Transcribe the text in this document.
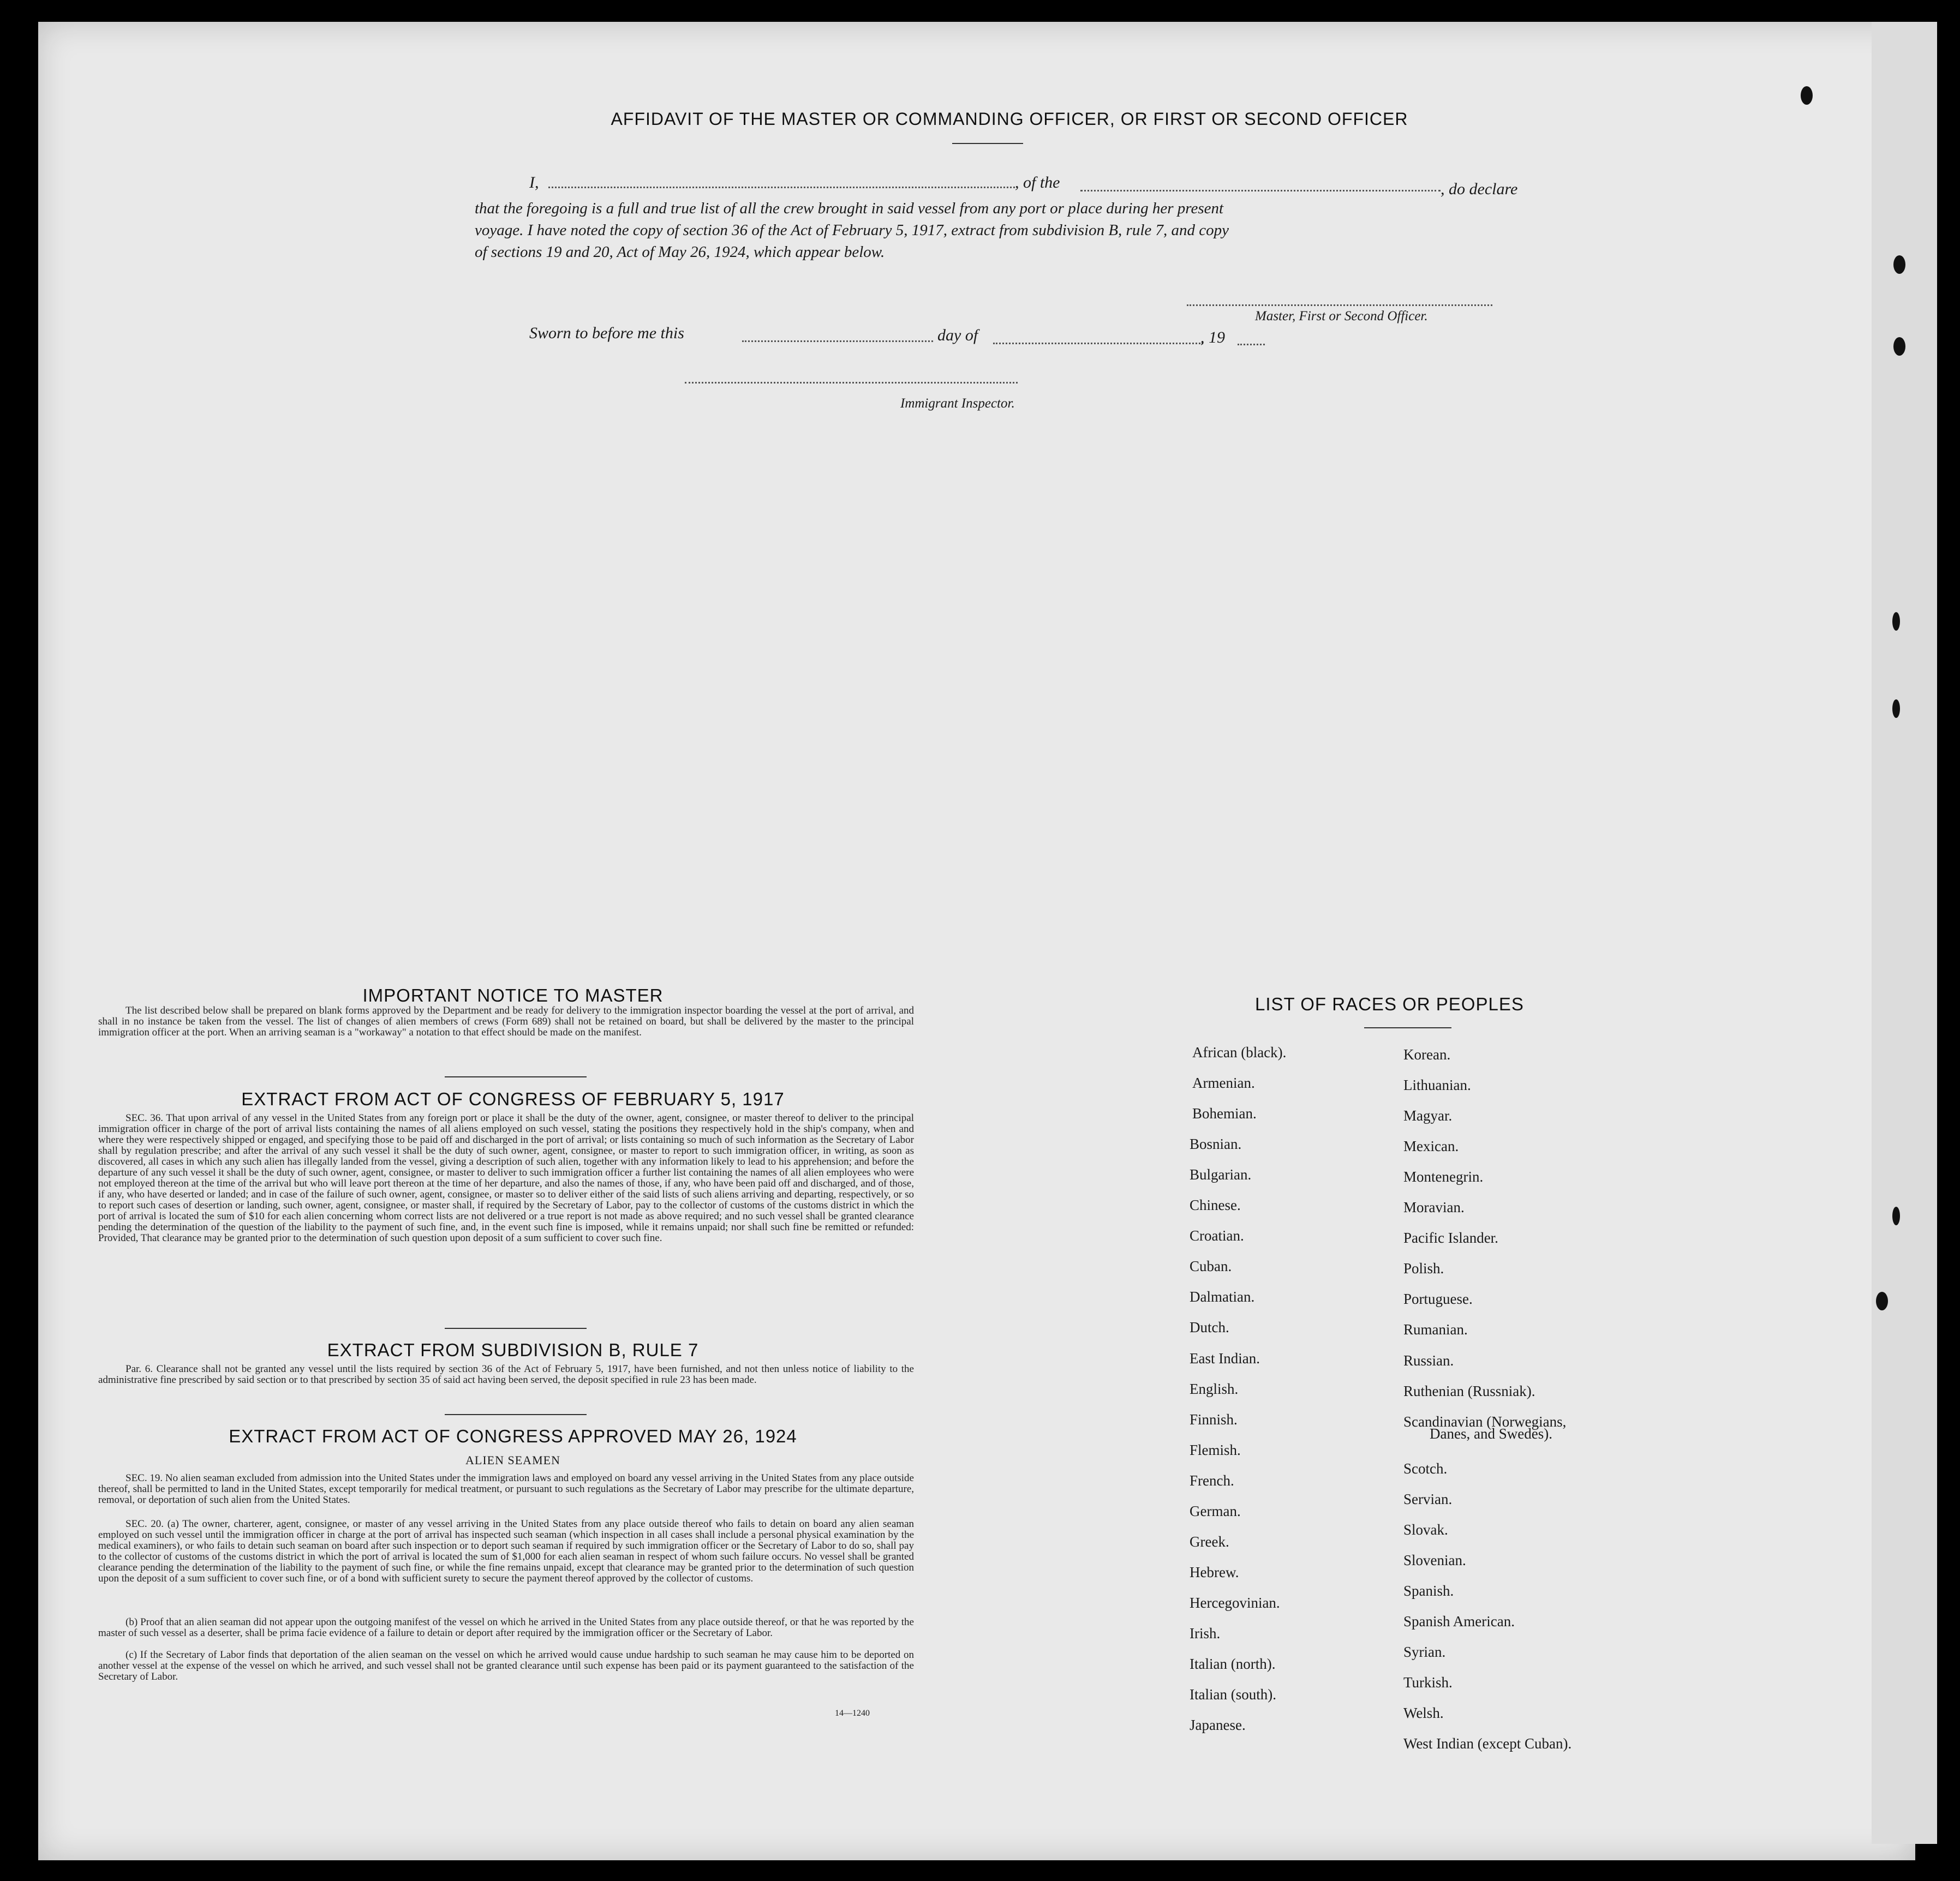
AFFIDAVIT OF THE MASTER OR COMMANDING OFFICER, OR FIRST OR SECOND OFFICER
I,	, of the	, do declare
that the foregoing is a full and true list of all the crew brought in said vessel from any port or place during her present
voyage. I have noted the copy of section 36 of the Act of February 5, 1917, extract from subdivision B, rule 7, and copy
of sections 19 and 20, Act of May 26, 1924, which appear below.
Master, First or Second Officer.
Sworn to before me this	day of	, 19
Immigrant Inspector.
IMPORTANT NOTICE TO MASTER
The list described below shall be prepared on blank forms approved by the Department and be ready for delivery to the immigration inspector boarding the vessel at the port of arrival, and shall in no instance be taken from the vessel. The list of changes of alien members of crews (Form 689) shall not be retained on board, but shall be delivered by the master to the principal immigration officer at the port. When an arriving seaman is a "workaway" a notation to that effect should be made on the manifest.
EXTRACT FROM ACT OF CONGRESS OF FEBRUARY 5, 1917
SEC. 36. That upon arrival of any vessel in the United States from any foreign port or place it shall be the duty of the owner, agent, consignee, or master thereof to deliver to the principal immigration officer in charge of the port of arrival lists containing the names of all aliens employed on such vessel, stating the positions they respectively hold in the ship's company, when and where they were respectively shipped or engaged, and specifying those to be paid off and discharged in the port of arrival; or lists containing so much of such information as the Secretary of Labor shall by regulation prescribe; and after the arrival of any such vessel it shall be the duty of such owner, agent, consignee, or master to report to such immigration officer, in writing, as soon as discovered, all cases in which any such alien has illegally landed from the vessel, giving a description of such alien, together with any information likely to lead to his apprehension; and before the departure of any such vessel it shall be the duty of such owner, agent, consignee, or master to deliver to such immigration officer a further list containing the names of all alien employees who were not employed thereon at the time of the arrival but who will leave port thereon at the time of her departure, and also the names of those, if any, who have been paid off and discharged, and of those, if any, who have deserted or landed; and in case of the failure of such owner, agent, consignee, or master so to deliver either of the said lists of such aliens arriving and departing, respectively, or so to report such cases of desertion or landing, such owner, agent, consignee, or master shall, if required by the Secretary of Labor, pay to the collector of customs of the customs district in which the port of arrival is located the sum of $10 for each alien concerning whom correct lists are not delivered or a true report is not made as above required; and no such vessel shall be granted clearance pending the determination of the question of the liability to the payment of such fine, and, in the event such fine is imposed, while it remains unpaid; nor shall such fine be remitted or refunded: Provided, That clearance may be granted prior to the determination of such question upon deposit of a sum sufficient to cover such fine.
EXTRACT FROM SUBDIVISION B, RULE 7
Par. 6. Clearance shall not be granted any vessel until the lists required by section 36 of the Act of February 5, 1917, have been furnished, and not then unless notice of liability to the administrative fine prescribed by said section or to that prescribed by section 35 of said act having been served, the deposit specified in rule 23 has been made.
EXTRACT FROM ACT OF CONGRESS APPROVED MAY 26, 1924
ALIEN SEAMEN
SEC. 19. No alien seaman excluded from admission into the United States under the immigration laws and employed on board any vessel arriving in the United States from any place outside thereof, shall be permitted to land in the United States, except temporarily for medical treatment, or pursuant to such regulations as the Secretary of Labor may prescribe for the ultimate departure, removal, or deportation of such alien from the United States.
SEC. 20. (a) The owner, charterer, agent, consignee, or master of any vessel arriving in the United States from any place outside thereof who fails to detain on board any alien seaman employed on such vessel until the immigration officer in charge at the port of arrival has inspected such seaman (which inspection in all cases shall include a personal physical examination by the medical examiners), or who fails to detain such seaman on board after such inspection or to deport such seaman if required by such immigration officer or the Secretary of Labor to do so, shall pay to the collector of customs of the customs district in which the port of arrival is located the sum of $1,000 for each alien seaman in respect of whom such failure occurs. No vessel shall be granted clearance pending the determination of the liability to the payment of such fine, or while the fine remains unpaid, except that clearance may be granted prior to the determination of such question upon the deposit of a sum sufficient to cover such fine, or of a bond with sufficient surety to secure the payment thereof approved by the collector of customs.
(b) Proof that an alien seaman did not appear upon the outgoing manifest of the vessel on which he arrived in the United States from any place outside thereof, or that he was reported by the master of such vessel as a deserter, shall be prima facie evidence of a failure to detain or deport after required by the immigration officer or the Secretary of Labor.
(c) If the Secretary of Labor finds that deportation of the alien seaman on the vessel on which he arrived would cause undue hardship to such seaman he may cause him to be deported on another vessel at the expense of the vessel on which he arrived, and such vessel shall not be granted clearance until such expense has been paid or its payment guaranteed to the satisfaction of the Secretary of Labor.
14—1240
LIST OF RACES OR PEOPLES
African (black).
Armenian.
Bohemian.
Bosnian.
Bulgarian.
Chinese.
Croatian.
Cuban.
Dalmatian.
Dutch.
East Indian.
English.
Finnish.
Flemish.
French.
German.
Greek.
Hebrew.
Hercegovinian.
Irish.
Italian (north).
Italian (south).
Japanese.
Korean.
Lithuanian.
Magyar.
Mexican.
Montenegrin.
Moravian.
Pacific Islander.
Polish.
Portuguese.
Rumanian.
Russian.
Ruthenian (Russniak).
Scandinavian (Norwegians,
Scotch.
Servian.
Slovak.
Slovenian.
Spanish.
Spanish American.
Syrian.
Turkish.
Welsh.
West Indian (except Cuban).
Danes, and Swedes).
